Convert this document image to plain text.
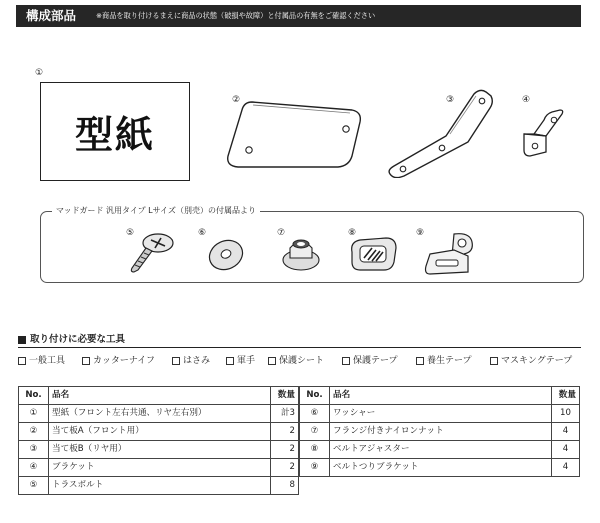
構成部品	※商品を取り付けるまえに商品の状態（破損や故障）と付属品の有無をご確認ください
①
型紙
②	③	④
マッドガード 汎用タイプ Lサイズ（別売）の付属品より
⑤	⑥	⑦	⑧	⑨
取り付けに必要な工具
一般工具	カッターナイフ	はさみ	軍手	保護シート	保護テープ	養生テープ	マスキングテープ
No.	品名	数量
①	型紙（フロント左右共通、リヤ左右別）	計3
②	当て板A（フロント用）	2
③	当て板B（リヤ用）	2
④	ブラケット	2
⑤	トラスボルト	8
No.	品名	数量
⑥	ワッシャー	10
⑦	フランジ付きナイロンナット	4
⑧	ベルトアジャスター	4
⑨	ベルトつりブラケット	4
